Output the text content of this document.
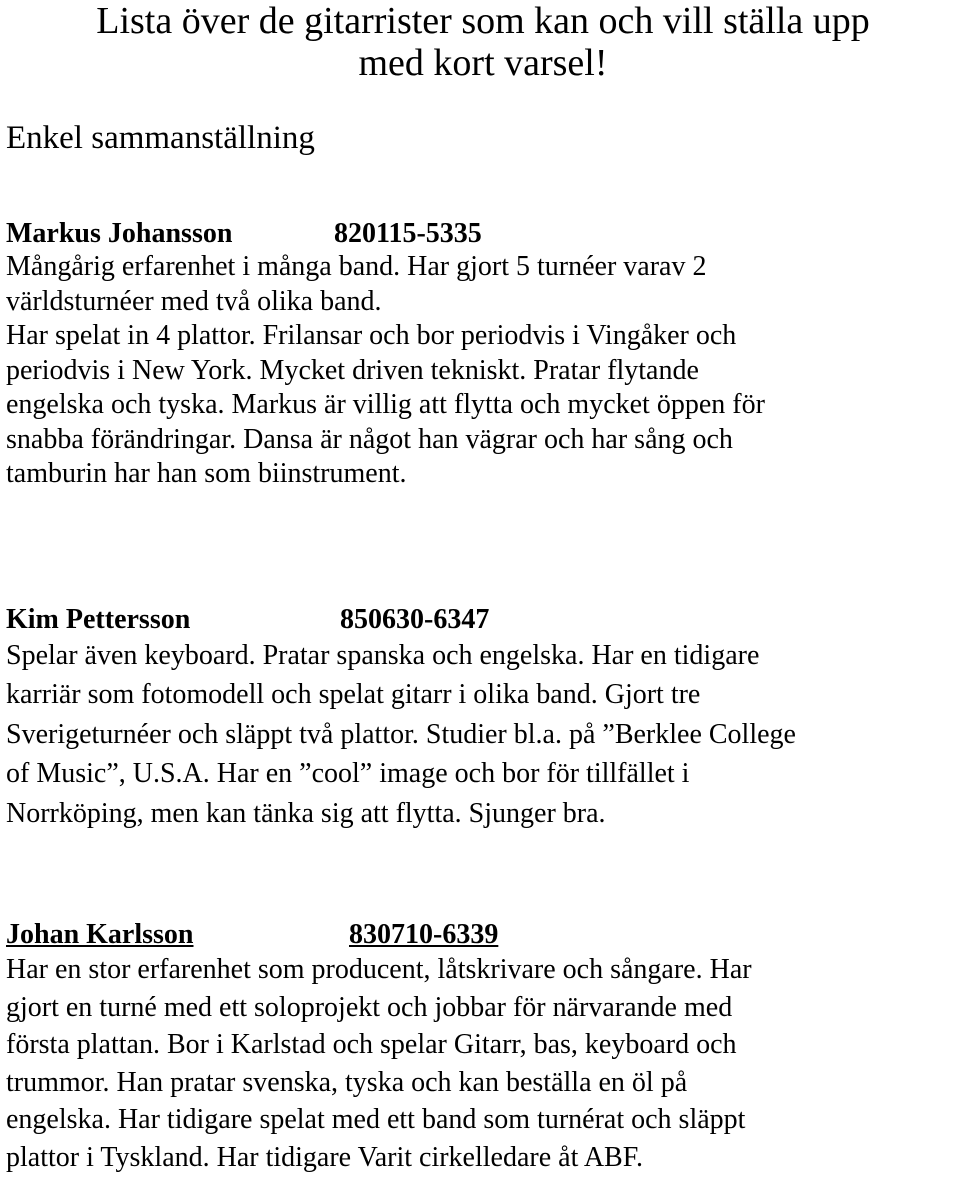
Lista över de gitarrister som kan och vill ställa upp
med kort varsel!

Enkel sammanställning

Markus Johansson	820115-5335
Mångårig erfarenhet i många band. Har gjort 5 turnéer varav 2
världsturnéer med två olika band.
Har spelat in 4 plattor. Frilansar och bor periodvis i Vingåker och
periodvis i New York. Mycket driven tekniskt. Pratar flytande
engelska och tyska. Markus är villig att flytta och mycket öppen för
snabba förändringar. Dansa är något han vägrar och har sång och
tamburin har han som biinstrument.
Kim Pettersson	850630-6347
Spelar även keyboard. Pratar spanska och engelska. Har en tidigare
karriär som fotomodell och spelat gitarr i olika band. Gjort tre
Sverigeturnéer och släppt två plattor. Studier bl.a. på ”Berklee College
of Music”, U.S.A. Har en ”cool” image och bor för tillfället i
Norrköping, men kan tänka sig att flytta. Sjunger bra.
Johan Karlsson	830710-6339
Har en stor erfarenhet som producent, låtskrivare och sångare. Har
gjort en turné med ett soloprojekt och jobbar för närvarande med
första plattan. Bor i Karlstad och spelar Gitarr, bas, keyboard och
trummor. Han pratar svenska, tyska och kan beställa en öl på
engelska. Har tidigare spelat med ett band som turnérat och släppt
plattor i Tyskland. Har tidigare Varit cirkelledare åt ABF.
